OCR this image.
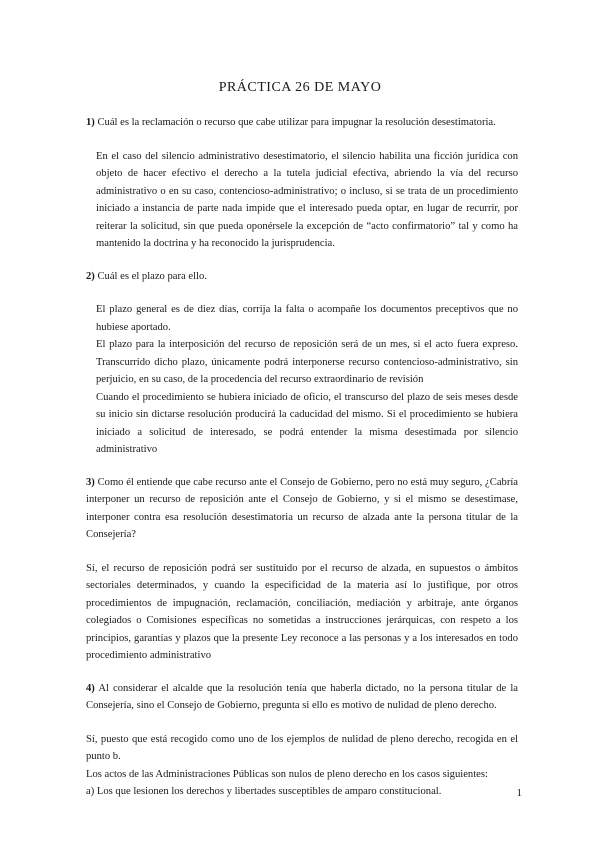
PRÁCTICA 26 DE MAYO

1) Cuál es la reclamación o recurso que cabe utilizar para impugnar la resolución desestimatoria.

En el caso del silencio administrativo desestimatorio, el silencio habilita una ficción jurídica con objeto de hacer efectivo el derecho a la tutela judicial efectiva, abriendo la vía del recurso administrativo o en su caso, contencioso-administrativo; o incluso, si se trata de un procedimiento iniciado a instancia de parte nada impide que el interesado pueda optar, en lugar de recurrir, por reiterar la solicitud, sin que pueda oponérsele la excepción de “acto confirmatorio” tal y como ha mantenido la doctrina y ha reconocido la jurisprudencia.

2) Cuál es el plazo para ello.

El plazo general es de diez días, corrija la falta o acompañe los documentos preceptivos que no hubiese aportado.

El plazo para la interposición del recurso de reposición será de un mes, si el acto fuera expreso. Transcurrido dicho plazo, únicamente podrá interponerse recurso contencioso-administrativo, sin perjuicio, en su caso, de la procedencia del recurso extraordinario de revisión

Cuando el procedimiento se hubiera iniciado de oficio, el transcurso del plazo de seis meses desde su inicio sin dictarse resolución producirá la caducidad del mismo. Si el procedimiento se hubiera iniciado a solicitud de interesado, se podrá entender la misma desestimada por silencio administrativo

3) Como él entiende que cabe recurso ante el Consejo de Gobierno, pero no está muy seguro, ¿Cabría interponer un recurso de reposición ante el Consejo de Gobierno, y si el mismo se desestimase, interponer contra esa resolución desestimatoria un recurso de alzada ante la persona titular de la Consejería?

Sí, el recurso de reposición podrá ser sustituido por el recurso de alzada, en supuestos o ámbitos sectoriales determinados, y cuando la especificidad de la materia así lo justifique, por otros procedimientos de impugnación, reclamación, conciliación, mediación y arbitraje, ante órganos colegiados o Comisiones específicas no sometidas a instrucciones jerárquicas, con respeto a los principios, garantías y plazos que la presente Ley reconoce a las personas y a los interesados en todo procedimiento administrativo

4) Al considerar el alcalde que la resolución tenía que haberla dictado, no la persona titular de la Consejería, sino el Consejo de Gobierno, pregunta si ello es motivo de nulidad de pleno derecho.

Sí, puesto que está recogido como uno de los ejemplos de nulidad de pleno derecho, recogida en el punto b.

Los actos de las Administraciones Públicas son nulos de pleno derecho en los casos siguientes:

a) Los que lesionen los derechos y libertades susceptibles de amparo constitucional.	1
